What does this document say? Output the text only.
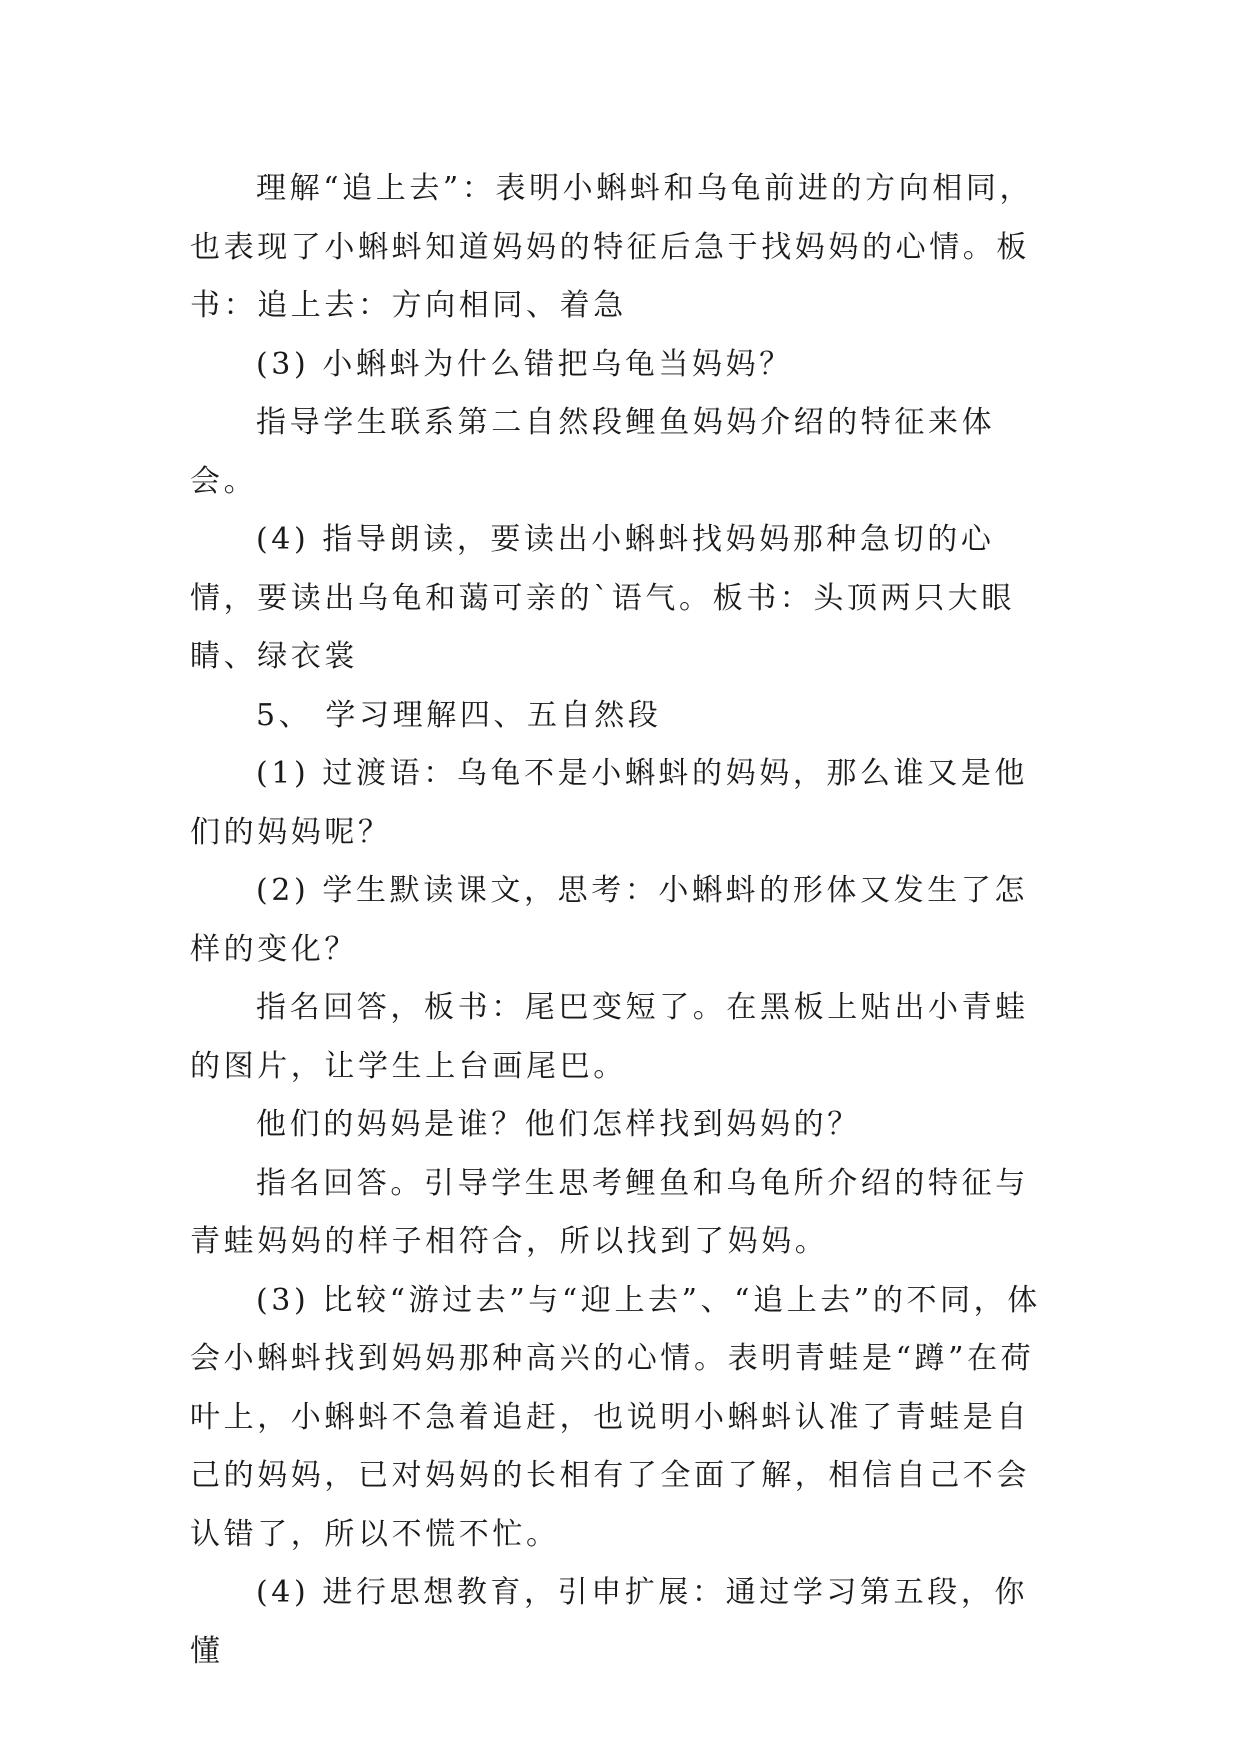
理解“追上去”：表明小蝌蚪和乌龟前进的方向相同，也表现了小蝌蚪知道妈妈的特征后急于找妈妈的心情。板书：追上去：方向相同、着急

(3) 小蝌蚪为什么错把乌龟当妈妈？

指导学生联系第二自然段鲤鱼妈妈介绍的特征来体会。

(4) 指导朗读，要读出小蝌蚪找妈妈那种急切的心情，要读出乌龟和蔼可亲的`语气。板书：头顶两只大眼睛、绿衣裳

5、 学习理解四、五自然段

(1) 过渡语：乌龟不是小蝌蚪的妈妈，那么谁又是他们的妈妈呢？

(2) 学生默读课文，思考：小蝌蚪的形体又发生了怎样的变化？

指名回答，板书：尾巴变短了。在黑板上贴出小青蛙的图片，让学生上台画尾巴。

他们的妈妈是谁？他们怎样找到妈妈的？

指名回答。引导学生思考鲤鱼和乌龟所介绍的特征与青蛙妈妈的样子相符合，所以找到了妈妈。

(3) 比较“游过去”与“迎上去”、“追上去”的不同，体会小蝌蚪找到妈妈那种高兴的心情。表明青蛙是“蹲”在荷叶上，小蝌蚪不急着追赶，也说明小蝌蚪认准了青蛙是自己的妈妈，已对妈妈的长相有了全面了解，相信自己不会认错了，所以不慌不忙。

(4) 进行思想教育，引申扩展：通过学习第五段，你懂
